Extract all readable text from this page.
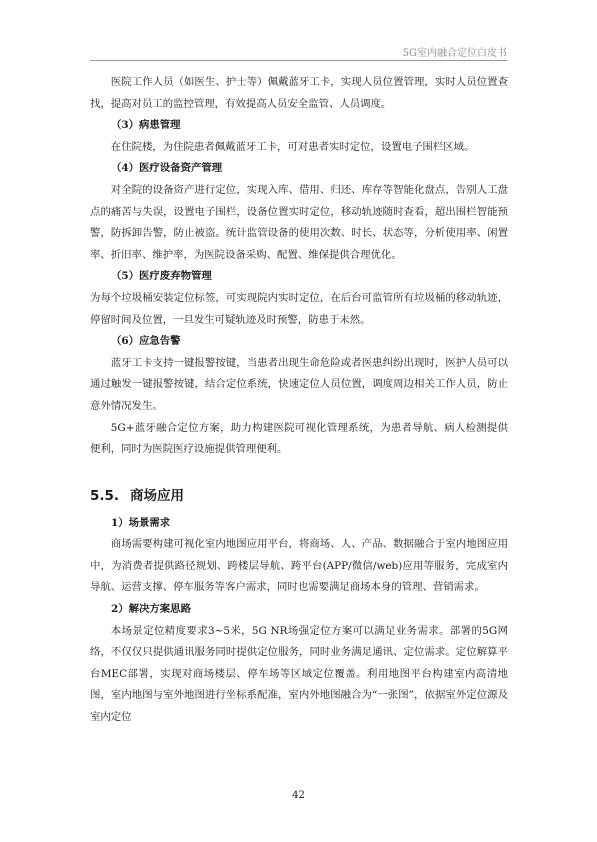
5G室内融合定位白皮书

医院工作人员（如医生、护士等）佩戴蓝牙工卡，实现人员位置管理，实时人员位置查找，提高对员工的监控管理，有效提高人员安全监管、人员调度。

（3）病患管理

在住院楼，为住院患者佩戴蓝牙工卡，可对患者实时定位，设置电子围栏区域。

（4）医疗设备资产管理

对全院的设备资产进行定位，实现入库、借用、归还、库存等智能化盘点，告别人工盘点的痛苦与失误，设置电子围栏，设备位置实时定位，移动轨迹随时查看，超出围栏智能预警，防拆卸告警，防止被盗。统计监管设备的使用次数、时长、状态等，分析使用率、闲置率、折旧率、维护率，为医院设备采购、配置、维保提供合理优化。

（5）医疗废弃物管理

为每个垃圾桶安装定位标签，可实现院内实时定位，在后台可监管所有垃圾桶的移动轨迹，停留时间及位置，一旦发生可疑轨迹及时预警，防患于未然。

（6）应急告警

蓝牙工卡支持一键报警按键，当患者出现生命危险或者医患纠纷出现时，医护人员可以通过触发一键报警按键，结合定位系统，快速定位人员位置，调度周边相关工作人员，防止意外情况发生。

5G+蓝牙融合定位方案，助力构建医院可视化管理系统，为患者导航、病人检测提供便利，同时为医院医疗设施提供管理便利。

5.5. 商场应用
1）场景需求

商场需要构建可视化室内地图应用平台，将商场、人、产品、数据融合于室内地图应用中，为消费者提供路径规划、跨楼层导航、跨平台(APP/微信/web)应用等服务，完成室内导航、运营支撑、停车服务等客户需求，同时也需要满足商场本身的管理、营销需求。

2）解决方案思路

本场景定位精度要求3~5米，5G NR场强定位方案可以满足业务需求。部署的5G网络，不仅仅只提供通讯服务同时提供定位服务，同时业务满足通讯、定位需求。定位解算平台MEC部署，实现对商场楼层、停车场等区域定位覆盖。利用地图平台构建室内高清地图，室内地图与室外地图进行坐标系配准，室内外地图融合为“一张图”，依据室外定位源及室内定位

42
